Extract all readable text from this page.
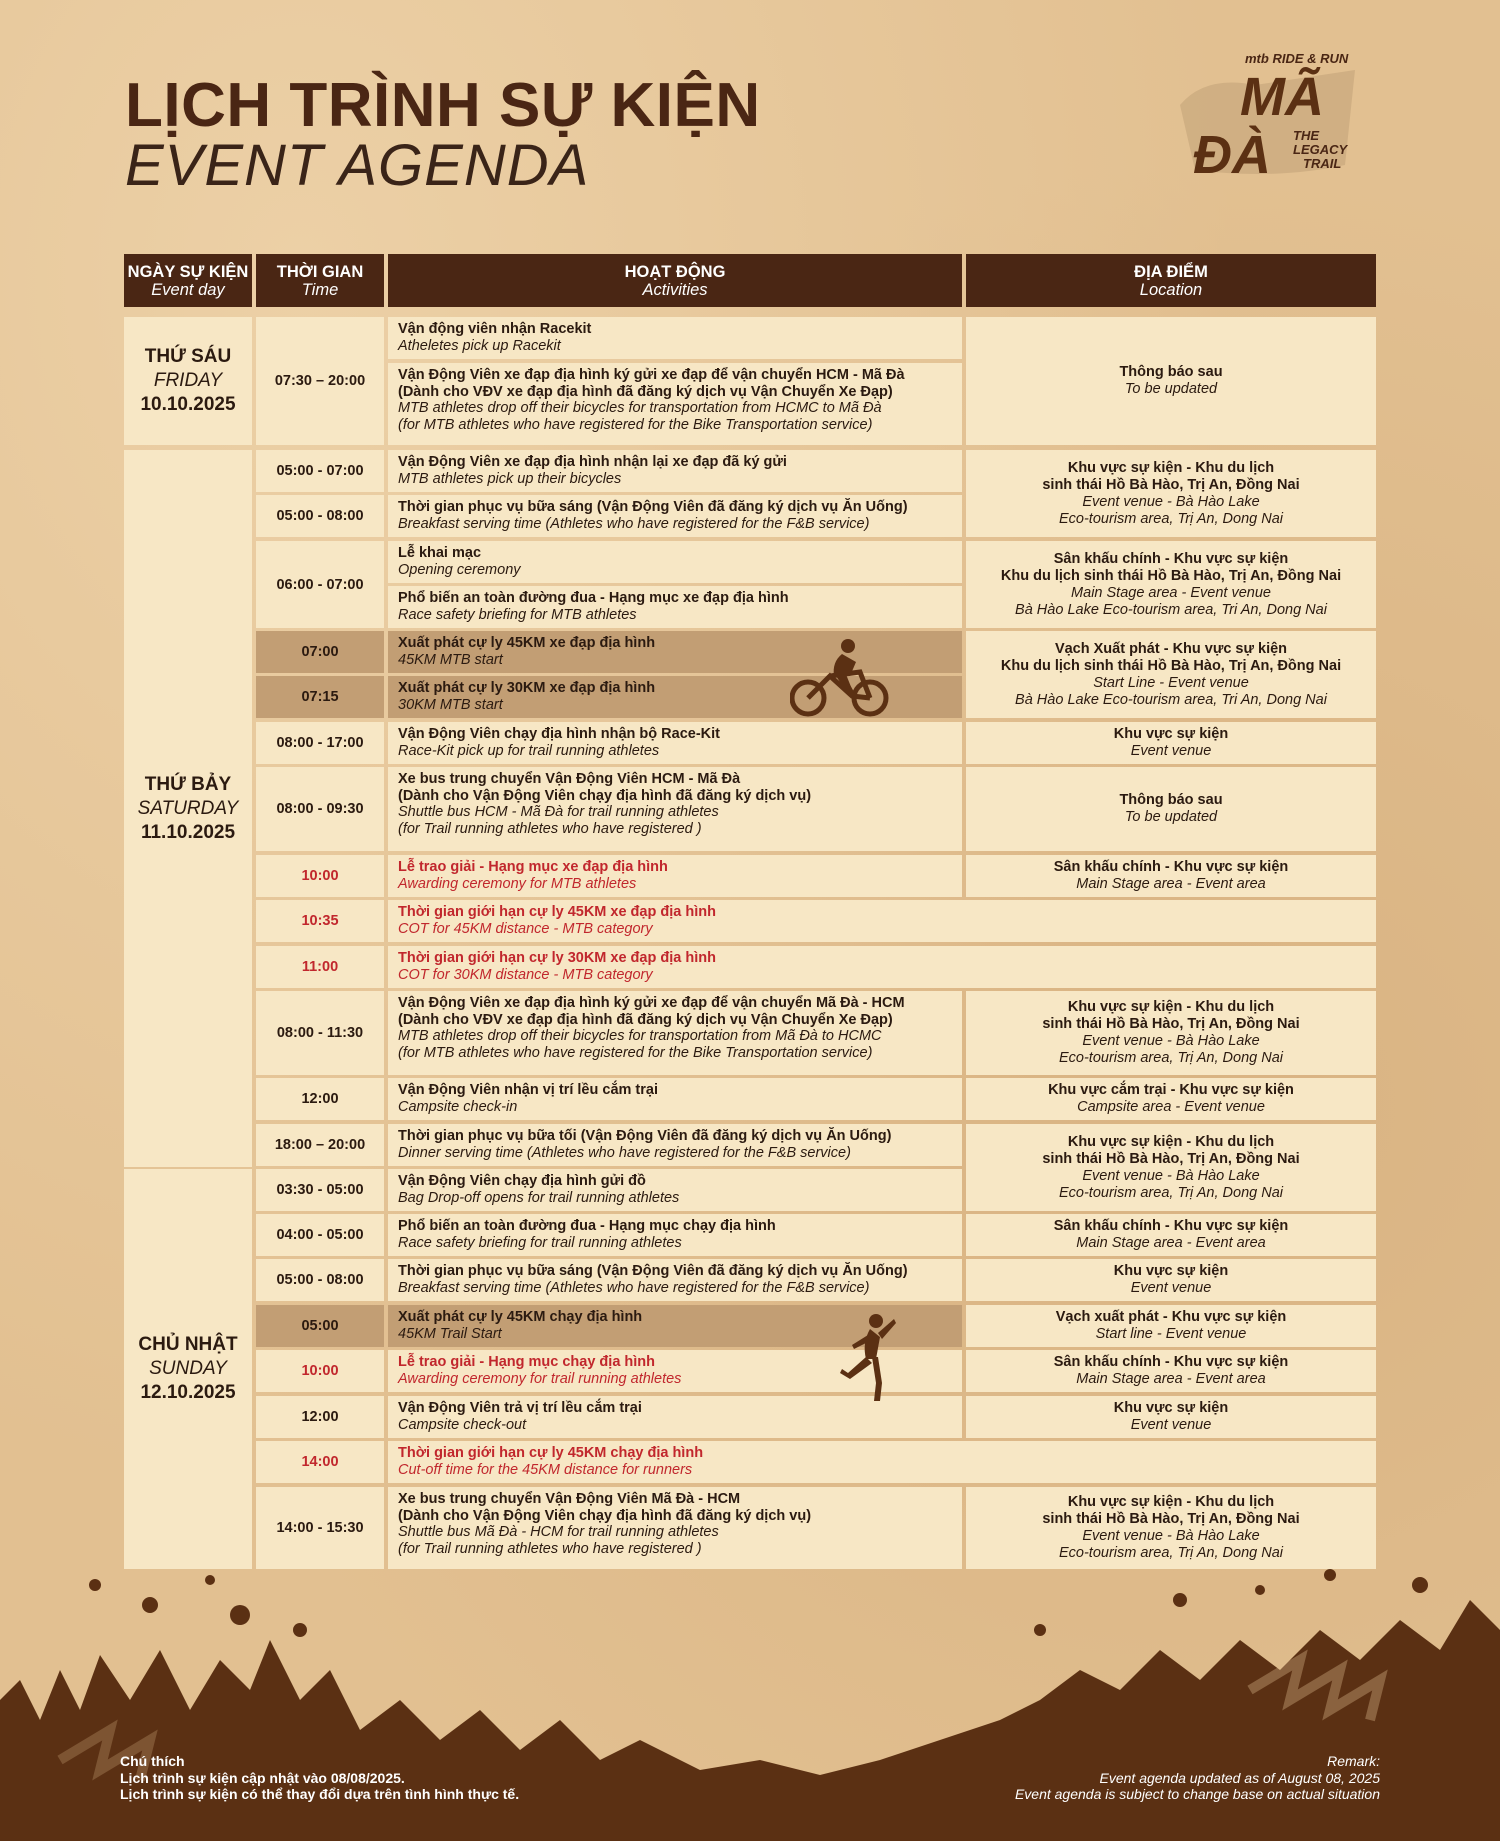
LỊCH TRÌNH SỰ KIỆN
EVENT AGENDA
mtb RIDE & RUN
MÃ
ĐÀ THE
LEGACY
TRAIL
NGÀY SỰ KIỆN
Event day
THỜI GIAN
Time
HOẠT ĐỘNG
Activities
ĐỊA ĐIỂM
Location
THỨ SÁU
FRIDAY
10.10.2025
THỨ BẢY
SATURDAY
11.10.2025
CHỦ NHẬT
SUNDAY
12.10.2025
07:30 – 20:00
05:00 - 07:00
05:00 - 08:00
06:00 - 07:00
07:00
07:15
08:00 - 17:00
08:00 - 09:30
10:00
10:35
11:00
08:00 - 11:30
12:00
18:00 – 20:00
03:30 - 05:00
04:00 - 05:00
05:00 - 08:00
05:00
10:00
12:00
14:00
14:00 - 15:30
Vận động viên nhận Racekit
Atheletes pick up Racekit
Vận Động Viên xe đạp địa hình ký gửi xe đạp để vận chuyển HCM - Mã Đà
(Dành cho VĐV xe đạp địa hình đã đăng ký dịch vụ Vận Chuyển Xe Đạp)
MTB athletes drop off their bicycles for transportation from HCMC to Mã Đà
(for MTB athletes who have registered for the Bike Transportation service)
Vận Động Viên xe đạp địa hình nhận lại xe đạp đã ký gửi
MTB athletes pick up their bicycles
Thời gian phục vụ bữa sáng (Vận Động Viên đã đăng ký dịch vụ Ăn Uống)
Breakfast serving time (Athletes who have registered for the F&B service)
Lễ khai mạc
Opening ceremony
Phổ biến an toàn đường đua - Hạng mục xe đạp địa hình
Race safety briefing for MTB athletes
Xuất phát cự ly 45KM xe đạp địa hình
45KM MTB start
Xuất phát cự ly 30KM xe đạp địa hình
30KM MTB start
Vận Động Viên chạy địa hình nhận bộ Race-Kit
Race-Kit pick up for trail running athletes
Xe bus trung chuyển Vận Động Viên HCM - Mã Đà
(Dành cho Vận Động Viên chạy địa hình đã đăng ký dịch vụ)
Shuttle bus HCM - Mã Đà for trail running athletes
(for Trail running athletes who have registered )
Lễ trao giải - Hạng mục xe đạp địa hình
Awarding ceremony for MTB athletes
Thời gian giới hạn cự ly 45KM xe đạp địa hình
COT for 45KM distance - MTB category
Thời gian giới hạn cự ly 30KM xe đạp địa hình
COT for 30KM distance - MTB category
Vận Động Viên xe đạp địa hình ký gửi xe đạp để vận chuyển Mã Đà - HCM
(Dành cho VĐV xe đạp địa hình đã đăng ký dịch vụ Vận Chuyển Xe Đạp)
MTB athletes drop off their bicycles for transportation from Mã Đà to HCMC
(for MTB athletes who have registered for the Bike Transportation service)
Vận Động Viên nhận vị trí lều cắm trại
Campsite check-in
Thời gian phục vụ bữa tối (Vận Động Viên đã đăng ký dịch vụ Ăn Uống)
Dinner serving time (Athletes who have registered for the F&B service)
Vận Động Viên chạy địa hình gửi đồ
Bag Drop-off opens for trail running athletes
Phổ biến an toàn đường đua - Hạng mục chạy địa hình
Race safety briefing for trail running athletes
Thời gian phục vụ bữa sáng (Vận Động Viên đã đăng ký dịch vụ Ăn Uống)
Breakfast serving time (Athletes who have registered for the F&B service)
Xuất phát cự ly 45KM chạy địa hình
45KM Trail Start
Lễ trao giải - Hạng mục chạy địa hình
Awarding ceremony for trail running athletes
Vận Động Viên trả vị trí lều cắm trại
Campsite check-out
Thời gian giới hạn cự ly 45KM chạy địa hình
Cut-off time for the 45KM distance for runners
Xe bus trung chuyển Vận Động Viên Mã Đà - HCM
(Dành cho Vận Động Viên chạy địa hình đã đăng ký dịch vụ)
Shuttle bus Mã Đà - HCM for trail running athletes
(for Trail running athletes who have registered )
Thông báo sau
To be updated
Khu vực sự kiện - Khu du lịch
sinh thái Hồ Bà Hào, Trị An, Đồng Nai
Event venue - Bà Hào Lake
Eco-tourism area, Trị An, Dong Nai
Sân khấu chính - Khu vực sự kiện
Khu du lịch sinh thái Hồ Bà Hào, Trị An, Đồng Nai
Main Stage area - Event venue
Bà Hào Lake Eco-tourism area, Tri An, Dong Nai
Vạch Xuất phát - Khu vực sự kiện
Khu du lịch sinh thái Hồ Bà Hào, Trị An, Đồng Nai
Start Line - Event venue
Bà Hào Lake Eco-tourism area, Tri An, Dong Nai
Khu vực sự kiện
Event venue
Thông báo sau
To be updated
Sân khấu chính - Khu vực sự kiện
Main Stage area - Event area
Khu vực sự kiện - Khu du lịch
sinh thái Hồ Bà Hào, Trị An, Đồng Nai
Event venue - Bà Hào Lake
Eco-tourism area, Trị An, Dong Nai
Khu vực cắm trại - Khu vực sự kiện
Campsite area - Event venue
Khu vực sự kiện - Khu du lịch
sinh thái Hồ Bà Hào, Trị An, Đồng Nai
Event venue - Bà Hào Lake
Eco-tourism area, Trị An, Dong Nai
Sân khấu chính - Khu vực sự kiện
Main Stage area - Event area
Khu vực sự kiện
Event venue
Vạch xuất phát - Khu vực sự kiện
Start line - Event venue
Sân khấu chính - Khu vực sự kiện
Main Stage area - Event area
Khu vực sự kiện
Event venue
Khu vực sự kiện - Khu du lịch
sinh thái Hồ Bà Hào, Trị An, Đồng Nai
Event venue - Bà Hào Lake
Eco-tourism area, Trị An, Dong Nai
Chú thích
Lịch trình sự kiện cập nhật vào 08/08/2025.
Lịch trình sự kiện có thể thay đổi dựa trên tình hình thực tế.
Remark:
Event agenda updated as of August 08, 2025
Event agenda is subject to change base on actual situation
